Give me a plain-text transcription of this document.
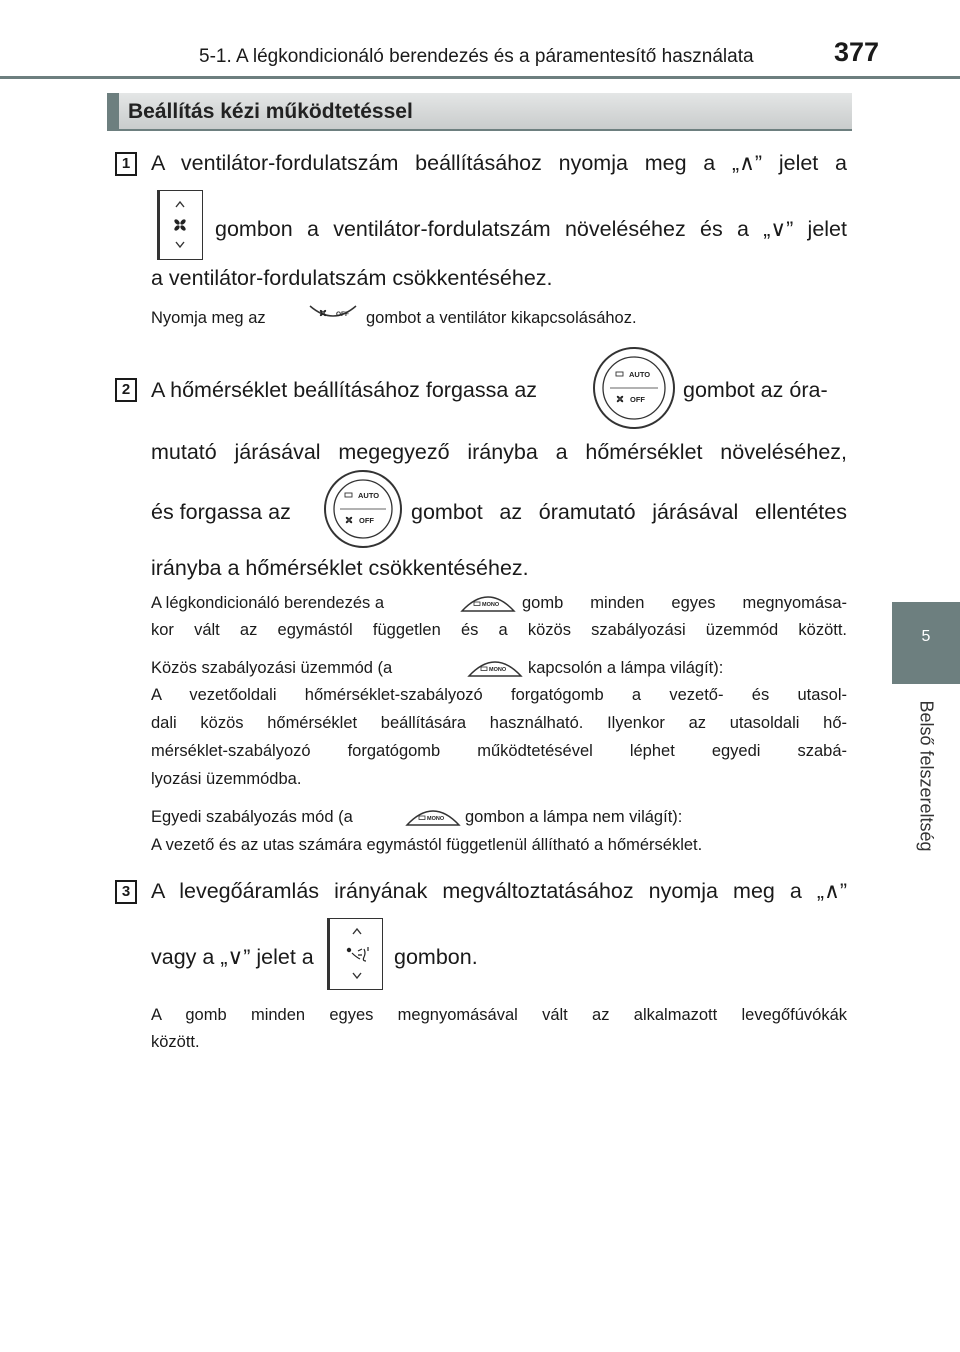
5-1. A légkondicionáló berendezés és a páramentesítő használata	377
5
Belső felszereltség
Beállítás kézi működtetéssel
1 A ventilátor-fordulatszám beállításához nyomja meg a „∧” jelet a
gombon a ventilátor-fordulatszám növeléséhez és a „∨” jelet
a ventilátor-fordulatszám csökkentéséhez.
Nyomja meg az	OFF gombot a ventilátor kikapcsolásához.
2 A hőmérséklet beállításához forgassa az
AUTO
OFF gombot az óra-
mutató járásával megegyező irányba a hőmérséklet növeléséhez,
és forgassa az
AUTO
OFF gombot az óramutató járásával ellentétes
irányba a hőmérséklet csökkentéséhez.
A légkondicionáló berendezés a	MONO gomb minden egyes megnyomása-
kor vált az egymástól független és a közös szabályozási üzemmód között.
Közös szabályozási üzemmód (a	MONO kapcsolón a lámpa világít):
A vezetőoldali hőmérséklet-szabályozó forgatógomb a vezető- és utasol-
dali közös hőmérséklet beállítására használható. Ilyenkor az utasoldali hő-
mérséklet-szabályozó forgatógomb működtetésével léphet egyedi szabá-
lyozási üzemmódba.
Egyedi szabályozás mód (a	MONO gombon a lámpa nem világít):
A vezető és az utas számára egymástól függetlenül állítható a hőmérséklet.
3 A levegőáramlás irányának megváltoztatásához nyomja meg a „∧”
vagy a „∨” jelet a	gombon.
A gomb minden egyes megnyomásával vált az alkalmazott levegőfúvókák
között.
